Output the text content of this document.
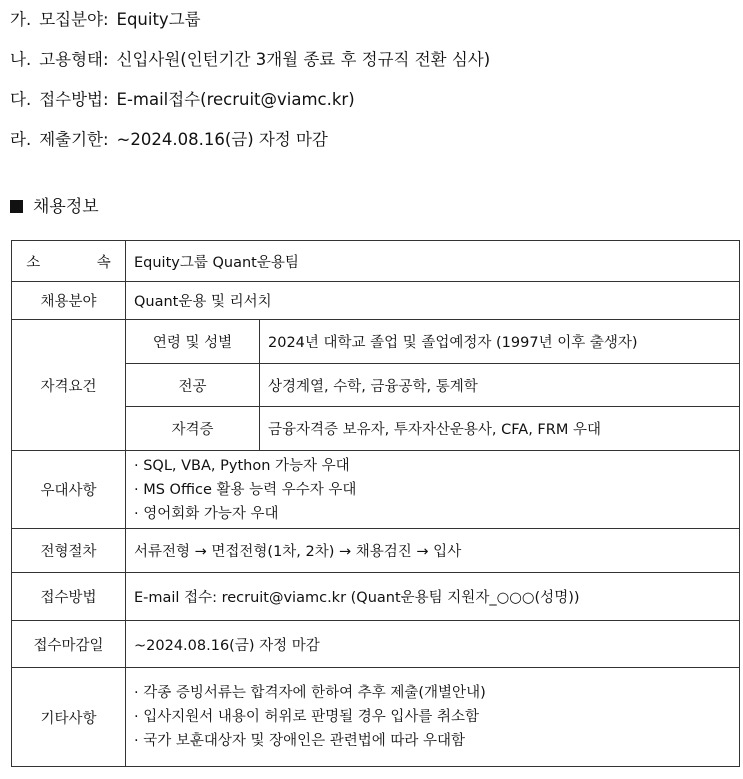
가. 모집분야: Equity그룹
나. 고용형태: 신입사원(인턴기간 3개월 종료 후 정규직 전환 심사)
다. 접수방법: E-mail접수(recruit@viamc.kr)
라. 제출기한: ~2024.08.16(금) 자정 마감
채용정보
소 속	Equity그룹 Quant운용팀	
채용분야	Quant운용 및 리서치	
자격요건	연령 및 성별	2024년 대학교 졸업 및 졸업예정자 (1997년 이후 출생자)
	전공	상경계열, 수학, 금융공학, 통계학
	자격증	금융자격증 보유자, 투자자산운용사, CFA, FRM 우대
우대사항	· SQL, VBA, Python 가능자 우대
· MS Office 활용 능력 우수자 우대
· 영어회화 가능자 우대	

전형절차	서류전형 → 면접전형(1차, 2차) → 채용검진 → 입사	
접수방법	E-mail 접수: recruit@viamc.kr (Quant운용팀 지원자_○○○(성명))	
접수마감일	~2024.08.16(금) 자정 마감	
기타사항	· 각종 증빙서류는 합격자에 한하여 추후 제출(개별안내)
· 입사지원서 내용이 허위로 판명될 경우 입사를 취소함
· 국가 보훈대상자 및 장애인은 관련법에 따라 우대함	
